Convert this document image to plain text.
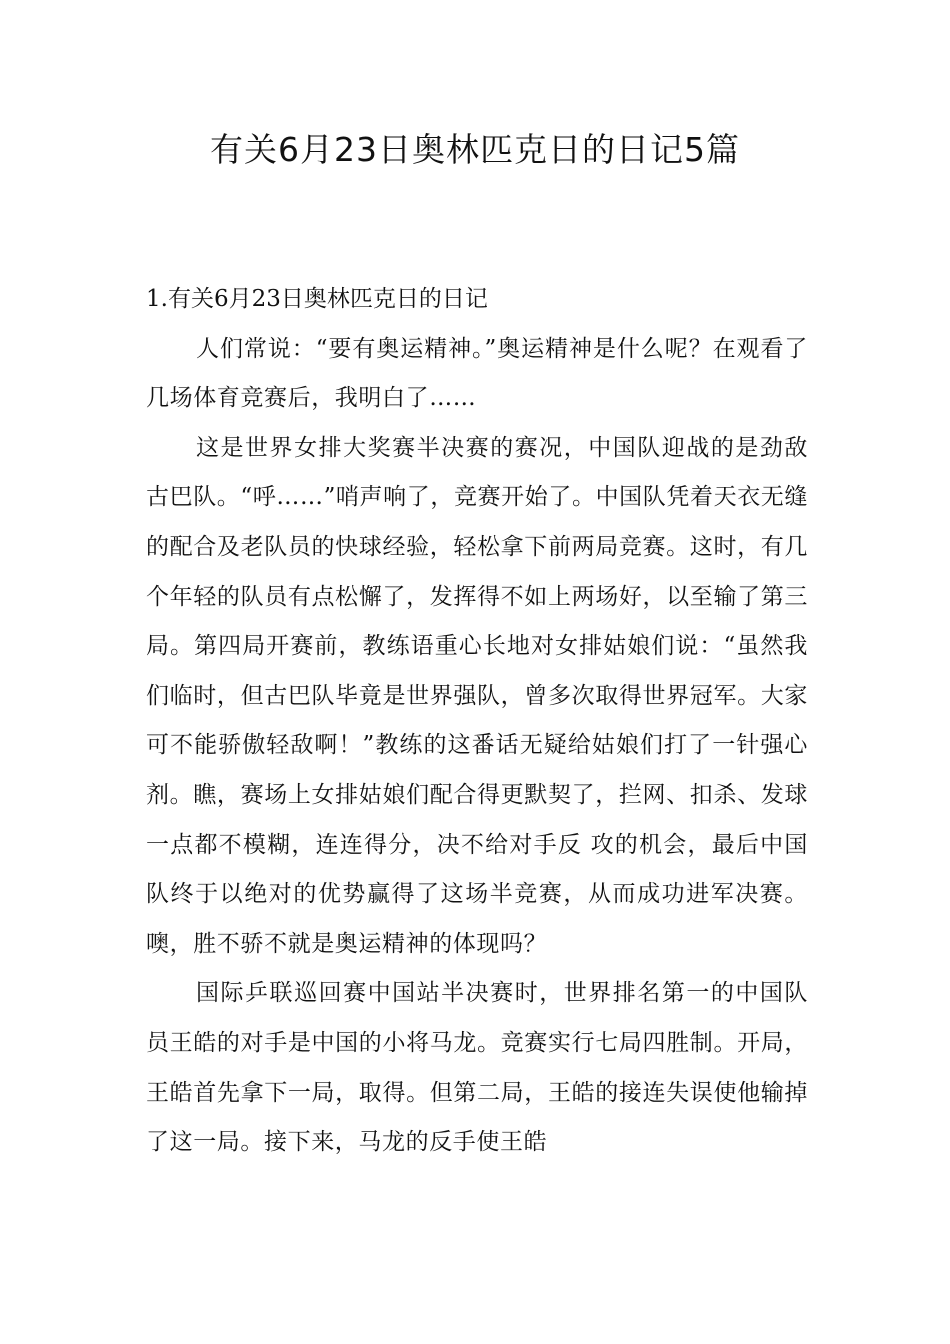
有关6月23日奥林匹克日的日记5篇
1.有关6月23日奥林匹克日的日记

人们常说：“要有奥运精神。”奥运精神是什么呢？在观看了几场体育竞赛后，我明白了……

这是世界女排大奖赛半决赛的赛况，中国队迎战的是劲敌古巴队。“呼……”哨声响了，竞赛开始了。中国队凭着天衣无缝的配合及老队员的快球经验，轻松拿下前两局竞赛。这时，有几个年轻的队员有点松懈了，发挥得不如上两场好，以至输了第三局。第四局开赛前，教练语重心长地对女排姑娘们说：“虽然我们临时，但古巴队毕竟是世界强队，曾多次取得世界冠军。大家可不能骄傲轻敌啊！”教练的这番话无疑给姑娘们打了一针强心剂。瞧，赛场上女排姑娘们配合得更默契了，拦网、扣杀、发球一点都不模糊，连连得分，决不给对手反 攻的机会，最后中国队终于以绝对的优势赢得了这场半竞赛，从而成功进军决赛。噢，胜不骄不就是奥运精神的体现吗？

国际乒联巡回赛中国站半决赛时，世界排名第一的中国队员王皓的对手是中国的小将马龙。竞赛实行七局四胜制。开局，王皓首先拿下一局，取得。但第二局，王皓的接连失误使他输掉了这一局。接下来，马龙的反手使王皓
